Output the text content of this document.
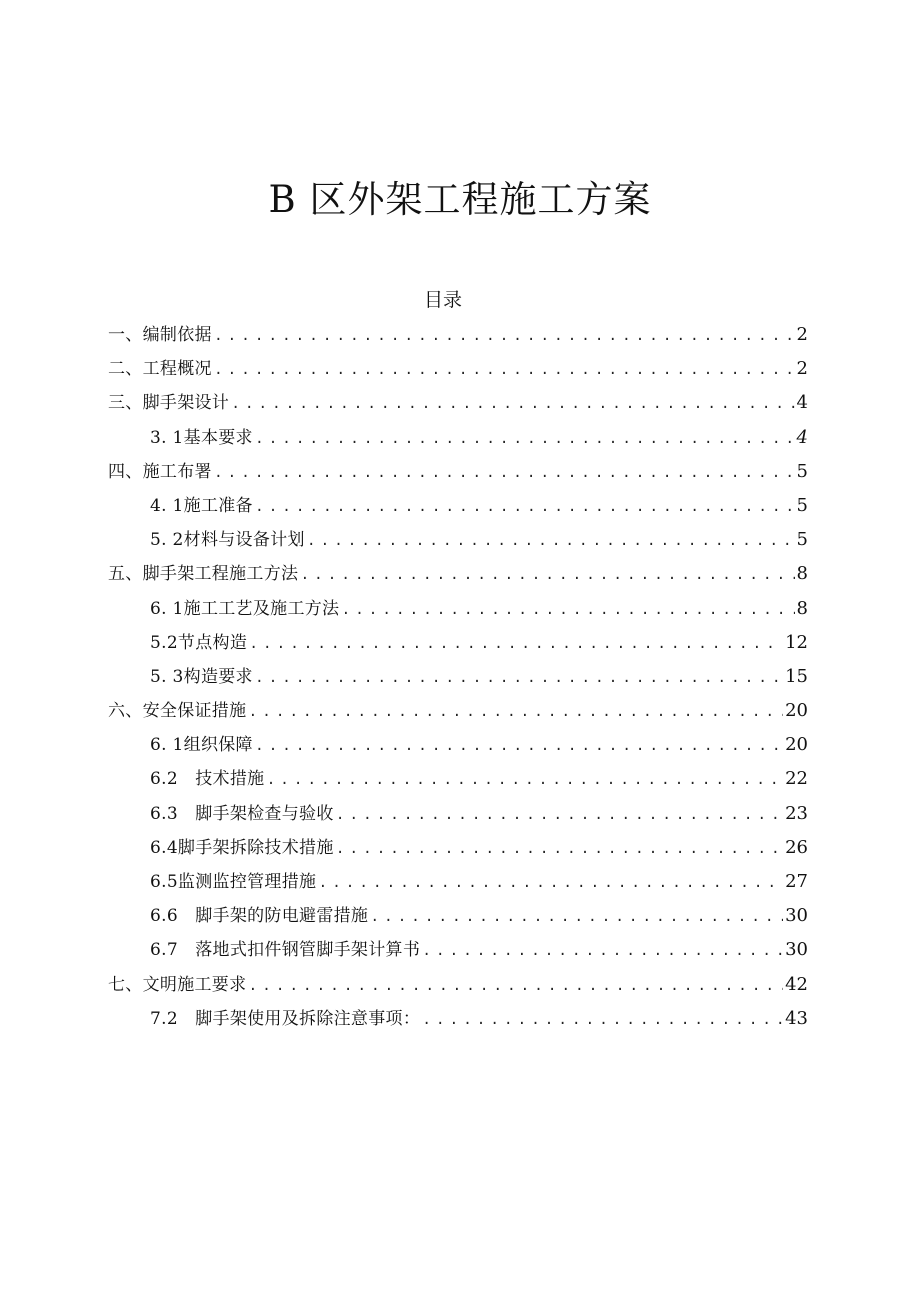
B 区外架工程施工方案
目录
一、编制依据 .....	2
二、工程概况 .....	2
三、脚手架设计 .....	4
3. 1基本要求 .....	4
四、施工布署 .....	5
4. 1施工准备 .....	5
5. 2材料与设备计划 .....	5
五、脚手架工程施工方法 .....	8
6. 1施工工艺及施工方法 .....	8
5.2节点构造 .....	12
5. 3构造要求 .....	15
六、安全保证措施 .....	20
6. 1组织保障 .....	20
6.2　技术措施 .....	22
6.3　脚手架检查与验收 .....	23
6.4脚手架拆除技术措施 .....	26
6.5监测监控管理措施 .....	27
6.6　脚手架的防电避雷措施 .....	30
6.7　落地式扣件钢管脚手架计算书 .....	30
七、文明施工要求 .....	42
7.2　脚手架使用及拆除注意事项： .....	43
